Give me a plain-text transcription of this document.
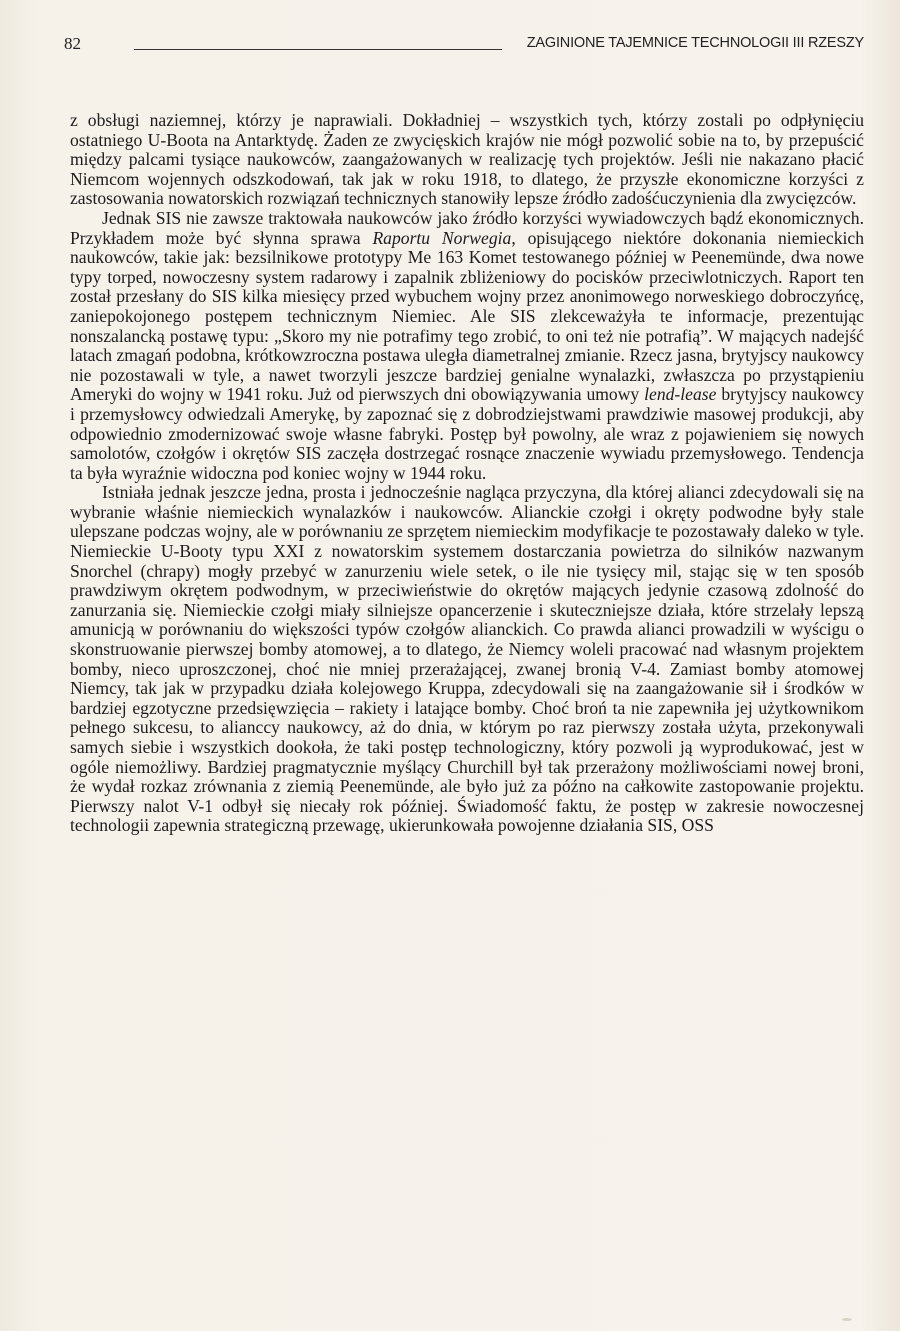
82	ZAGINIONE TAJEMNICE TECHNOLOGII III RZESZY

z obsługi naziemnej, którzy je naprawiali. Dokładniej – wszystkich tych, którzy zostali po odpłynięciu ostatniego U-Boota na Antarktydę. Żaden ze zwycięskich krajów nie mógł pozwolić sobie na to, by przepuścić między palcami tysiące naukowców, zaangażowanych w realizację tych projektów. Jeśli nie nakazano płacić Niemcom wojennych odszkodowań, tak jak w roku 1918, to dlatego, że przyszłe ekonomiczne korzyści z zastosowania nowatorskich rozwiązań technicznych stanowiły lepsze źródło zadośćuczynienia dla zwycięzców.

Jednak SIS nie zawsze traktowała naukowców jako źródło korzyści wywiadowczych bądź ekonomicznych. Przykładem może być słynna sprawa Raportu Norwegia, opisującego niektóre dokonania niemieckich naukowców, takie jak: bezsilnikowe prototypy Me 163 Komet testowanego później w Peenemünde, dwa nowe typy torped, nowoczesny system radarowy i zapalnik zbliżeniowy do pocisków przeciwlotniczych. Raport ten został przesłany do SIS kilka miesięcy przed wybuchem wojny przez anonimowego norweskiego dobroczyńcę, zaniepokojonego postępem technicznym Niemiec. Ale SIS zlekceważyła te informacje, prezentując nonszalancką postawę typu: „Skoro my nie potrafimy tego zrobić, to oni też nie potrafią”. W mających nadejść latach zmagań podobna, krótkowzroczna postawa uległa diametralnej zmianie. Rzecz jasna, brytyjscy naukowcy nie pozostawali w tyle, a nawet tworzyli jeszcze bardziej genialne wynalazki, zwłaszcza po przystąpieniu Ameryki do wojny w 1941 roku. Już od pierwszych dni obowiązywania umowy lend-lease brytyjscy naukowcy i przemysłowcy odwiedzali Amerykę, by zapoznać się z dobrodziejstwami prawdziwie masowej produkcji, aby odpowiednio zmodernizować swoje własne fabryki. Postęp był powolny, ale wraz z pojawieniem się nowych samolotów, czołgów i okrętów SIS zaczęła dostrzegać rosnące znaczenie wywiadu przemysłowego. Tendencja ta była wyraźnie widoczna pod koniec wojny w 1944 roku.

Istniała jednak jeszcze jedna, prosta i jednocześnie nagląca przyczyna, dla której alianci zdecydowali się na wybranie właśnie niemieckich wynalazków i naukowców. Alianckie czołgi i okręty podwodne były stale ulepszane podczas wojny, ale w porównaniu ze sprzętem niemieckim modyfikacje te pozostawały daleko w tyle. Niemieckie U-Booty typu XXI z nowatorskim systemem dostarczania powietrza do silników nazwanym Snorchel (chrapy) mogły przebyć w zanurzeniu wiele setek, o ile nie tysięcy mil, stając się w ten sposób prawdziwym okrętem podwodnym, w przeciwieństwie do okrętów mających jedynie czasową zdolność do zanurzania się. Niemieckie czołgi miały silniejsze opancerzenie i skuteczniejsze działa, które strzelały lepszą amunicją w porównaniu do większości typów czołgów alianckich. Co prawda alianci prowadzili w wyścigu o skonstruowanie pierwszej bomby atomowej, a to dlatego, że Niemcy woleli pracować nad własnym projektem bomby, nieco uproszczonej, choć nie mniej przerażającej, zwanej bronią V-4. Zamiast bomby atomowej Niemcy, tak jak w przypadku działa kolejowego Kruppa, zdecydowali się na zaangażowanie sił i środków w bardziej egzotyczne przedsięwzięcia – rakiety i latające bomby. Choć broń ta nie zapewniła jej użytkownikom pełnego sukcesu, to alianccy naukowcy, aż do dnia, w którym po raz pierwszy została użyta, przekonywali samych siebie i wszystkich dookoła, że taki postęp technologiczny, który pozwoli ją wyprodukować, jest w ogóle niemożliwy. Bardziej pragmatycznie myślący Churchill był tak przerażony możliwościami nowej broni, że wydał rozkaz zrównania z ziemią Peenemünde, ale było już za późno na całkowite zastopowanie projektu. Pierwszy nalot V-1 odbył się niecały rok później. Świadomość faktu, że postęp w zakresie nowoczesnej technologii zapewnia strategiczną przewagę, ukierunkowała powojenne działania SIS, OSS
